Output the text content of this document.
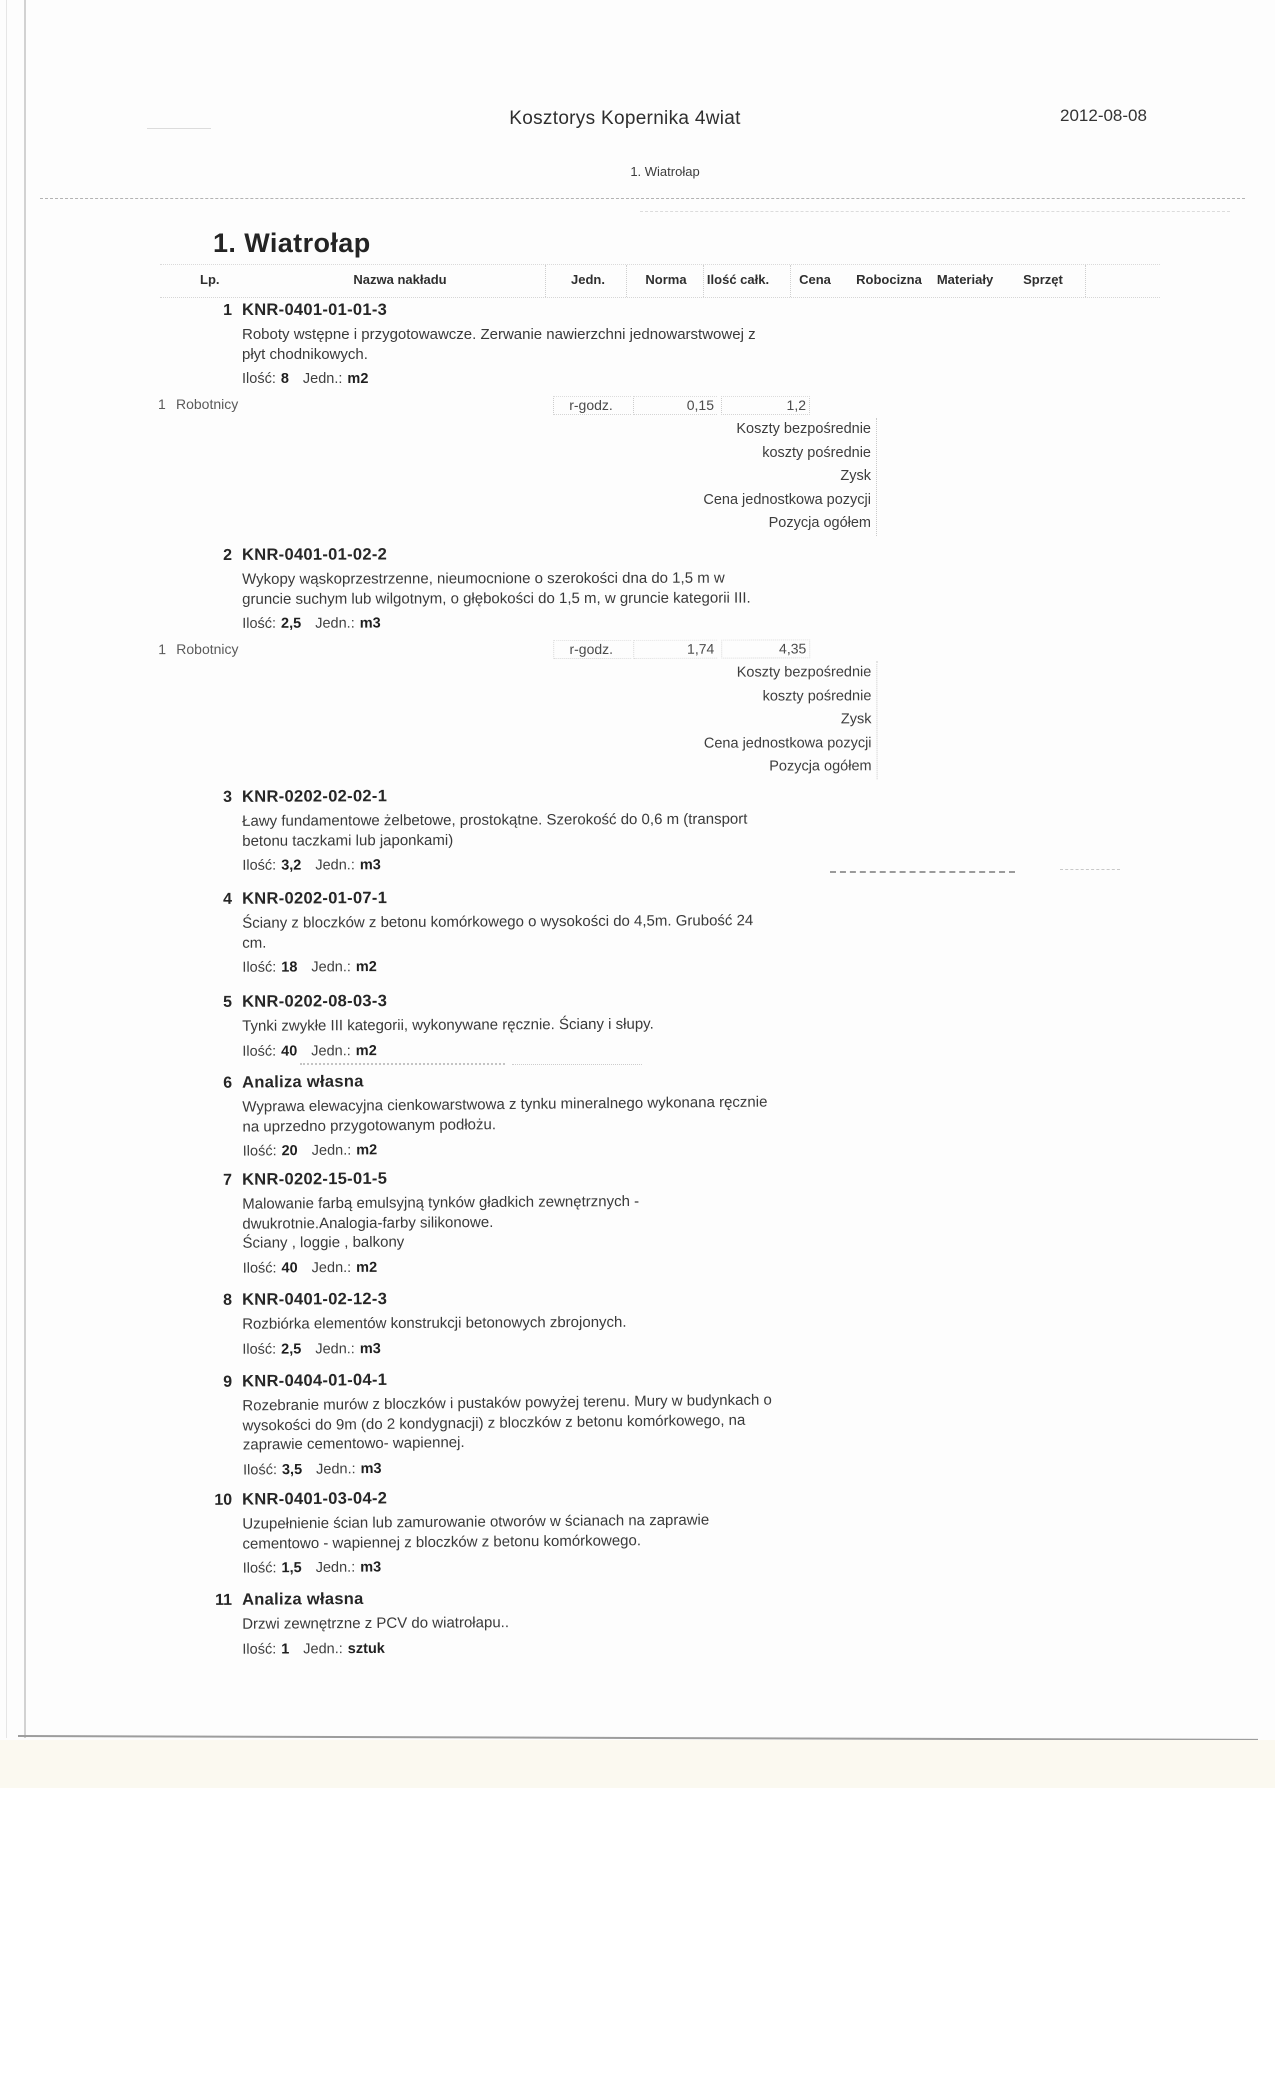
Kosztorys Kopernika 4wiat	2012-08-08
1. Wiatrołap
1. Wiatrołap
Lp.	Nazwa nakładu	Jedn.	Norma	Ilość całk.	Cena	Robocizna	Materiały	Sprzęt
1 KNR-0401-01-01-3
Roboty wstępne i przygotowawcze. Zerwanie nawierzchni jednowarstwowej z
płyt chodnikowych.
Ilość: 8 Jedn.: m2
1 Robotnicy	r-godz.	0,15	1,2
Koszty bezpośrednie
koszty pośrednie
Zysk
Cena jednostkowa pozycji
Pozycja ogółem
2 KNR-0401-01-02-2
Wykopy wąskoprzestrzenne, nieumocnione o szerokości dna do 1,5 m w
gruncie suchym lub wilgotnym, o głębokości do 1,5 m, w gruncie kategorii III.
Ilość: 2,5 Jedn.: m3
1 Robotnicy	r-godz.	1,74	4,35
Koszty bezpośrednie
koszty pośrednie
Zysk
Cena jednostkowa pozycji
Pozycja ogółem
3 KNR-0202-02-02-1
Ławy fundamentowe żelbetowe, prostokątne. Szerokość do 0,6 m (transport
betonu taczkami lub japonkami)
Ilość: 3,2 Jedn.: m3
4 KNR-0202-01-07-1
Ściany z bloczków z betonu komórkowego o wysokości do 4,5m. Grubość 24
cm.
Ilość: 18 Jedn.: m2
5 KNR-0202-08-03-3
Tynki zwykłe III kategorii, wykonywane ręcznie. Ściany i słupy.
Ilość: 40 Jedn.: m2
6 Analiza własna
Wyprawa elewacyjna cienkowarstwowa z tynku mineralnego wykonana ręcznie
na uprzedno przygotowanym podłożu.
Ilość: 20 Jedn.: m2
7 KNR-0202-15-01-5
Malowanie farbą emulsyjną tynków gładkich zewnętrznych -
dwukrotnie.Analogia-farby silikonowe.
Ściany , loggie , balkony
Ilość: 40 Jedn.: m2
8 KNR-0401-02-12-3
Rozbiórka elementów konstrukcji betonowych zbrojonych.
Ilość: 2,5 Jedn.: m3
9 KNR-0404-01-04-1
Rozebranie murów z bloczków i pustaków powyżej terenu. Mury w budynkach o
wysokości do 9m (do 2 kondygnacji) z bloczków z betonu komórkowego, na
zaprawie cementowo- wapiennej.
Ilość: 3,5 Jedn.: m3
10 KNR-0401-03-04-2
Uzupełnienie ścian lub zamurowanie otworów w ścianach na zaprawie
cementowo - wapiennej z bloczków z betonu komórkowego.
Ilość: 1,5 Jedn.: m3
11 Analiza własna
Drzwi zewnętrzne z PCV do wiatrołapu..
Ilość: 1 Jedn.: sztuk
